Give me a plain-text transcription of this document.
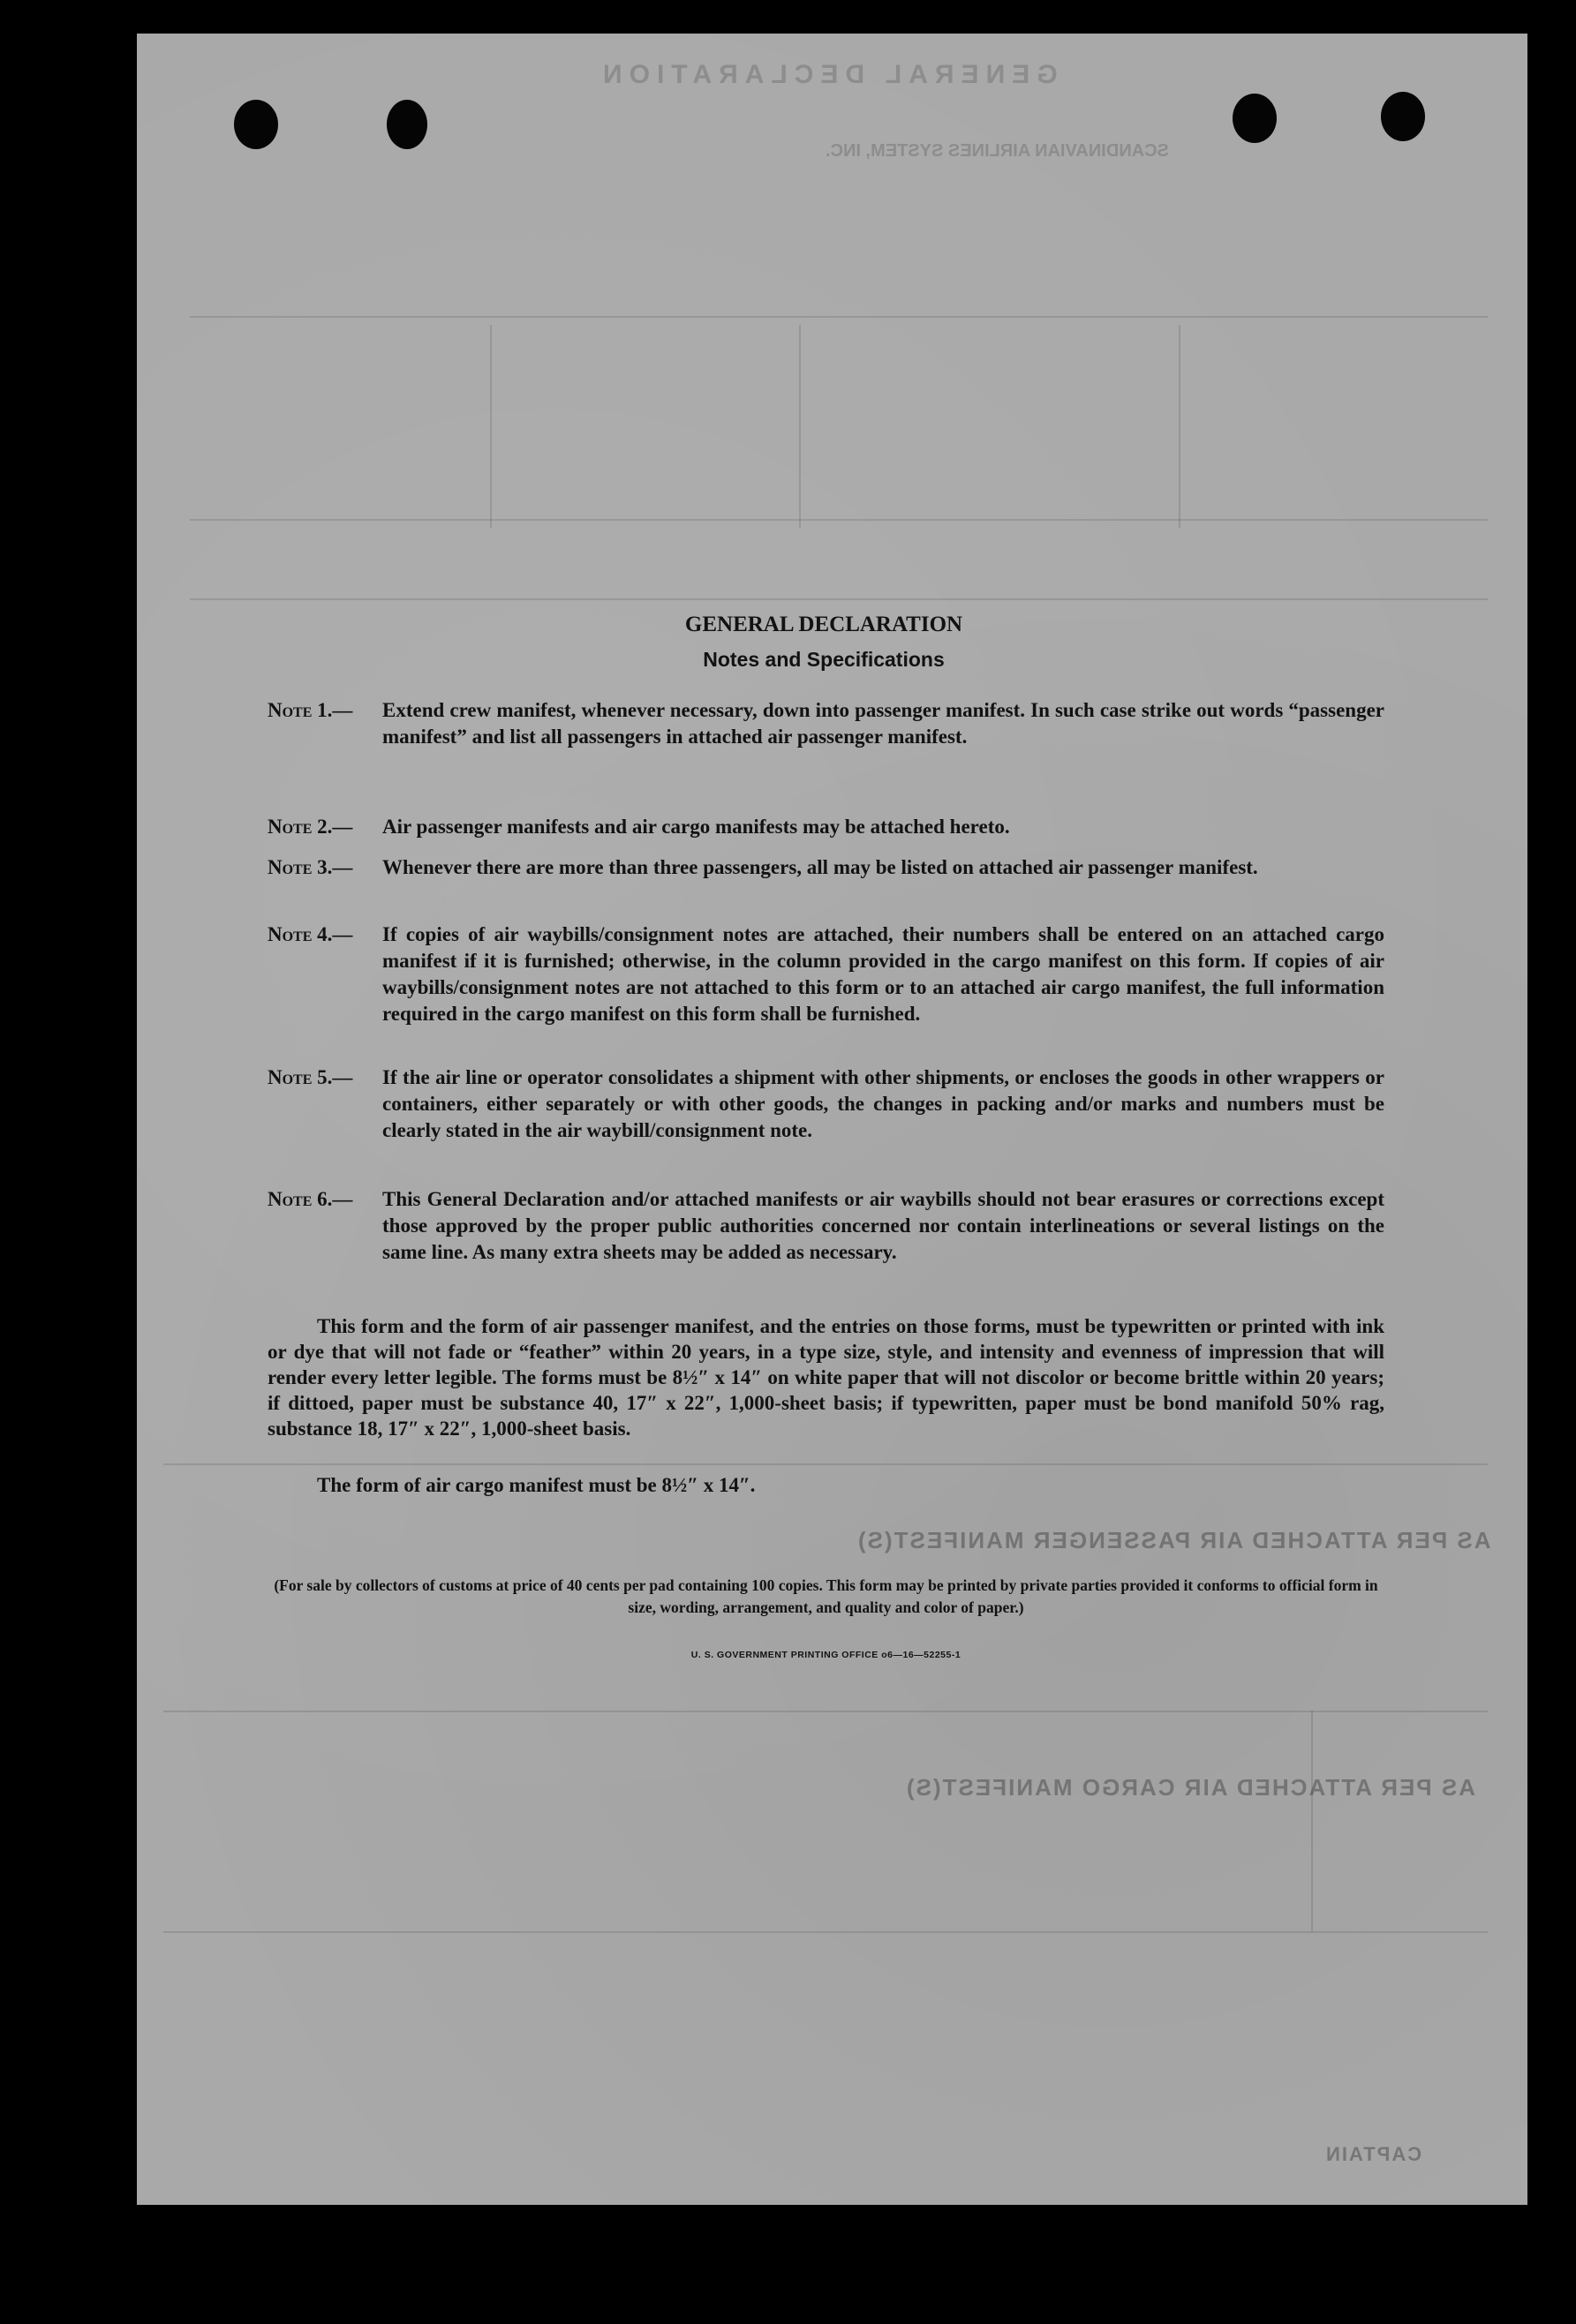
GENERAL DECLARATION
SCANDINAVIAN AIRLINES SYSTEM, INC.
AS PER ATTACHED AIR PASSENGER MANIFEST(S)
AS PER ATTACHED AIR CARGO MANIFEST(S)
CAPTAIN
GENERAL DECLARATION
Notes and Specifications
Note 1.—	Extend crew manifest, whenever necessary, down into passenger manifest. In such case strike out words “passenger manifest” and list all passengers in attached air passenger manifest.
Note 2.—	Air passenger manifests and air cargo manifests may be attached hereto.
Note 3.—	Whenever there are more than three passengers, all may be listed on attached air passenger manifest.
Note 4.—	If copies of air waybills/consignment notes are attached, their numbers shall be entered on an attached cargo manifest if it is furnished; otherwise, in the column provided in the cargo manifest on this form. If copies of air waybills/consignment notes are not attached to this form or to an attached air cargo manifest, the full information required in the cargo manifest on this form shall be furnished.
Note 5.—	If the air line or operator consolidates a shipment with other shipments, or encloses the goods in other wrappers or containers, either separately or with other goods, the changes in packing and/or marks and numbers must be clearly stated in the air waybill/consignment note.
Note 6.—	This General Declaration and/or attached manifests or air waybills should not bear erasures or corrections except those approved by the proper public authorities concerned nor contain interlineations or several listings on the same line. As many extra sheets may be added as necessary.
This form and the form of air passenger manifest, and the entries on those forms, must be typewritten or printed with ink or dye that will not fade or “feather” within 20 years, in a type size, style, and intensity and evenness of impression that will render every letter legible. The forms must be 8½″ x 14″ on white paper that will not discolor or become brittle within 20 years; if dittoed, paper must be substance 40, 17″ x 22″, 1,000-sheet basis; if typewritten, paper must be bond manifold 50% rag, substance 18, 17″ x 22″, 1,000-sheet basis.
The form of air cargo manifest must be 8½″ x 14″.
(For sale by collectors of customs at price of 40 cents per pad containing 100 copies. This form may be printed by private parties provided it conforms to official form in size, wording, arrangement, and quality and color of paper.)
U. S. GOVERNMENT PRINTING OFFICE o6—16—52255-1
